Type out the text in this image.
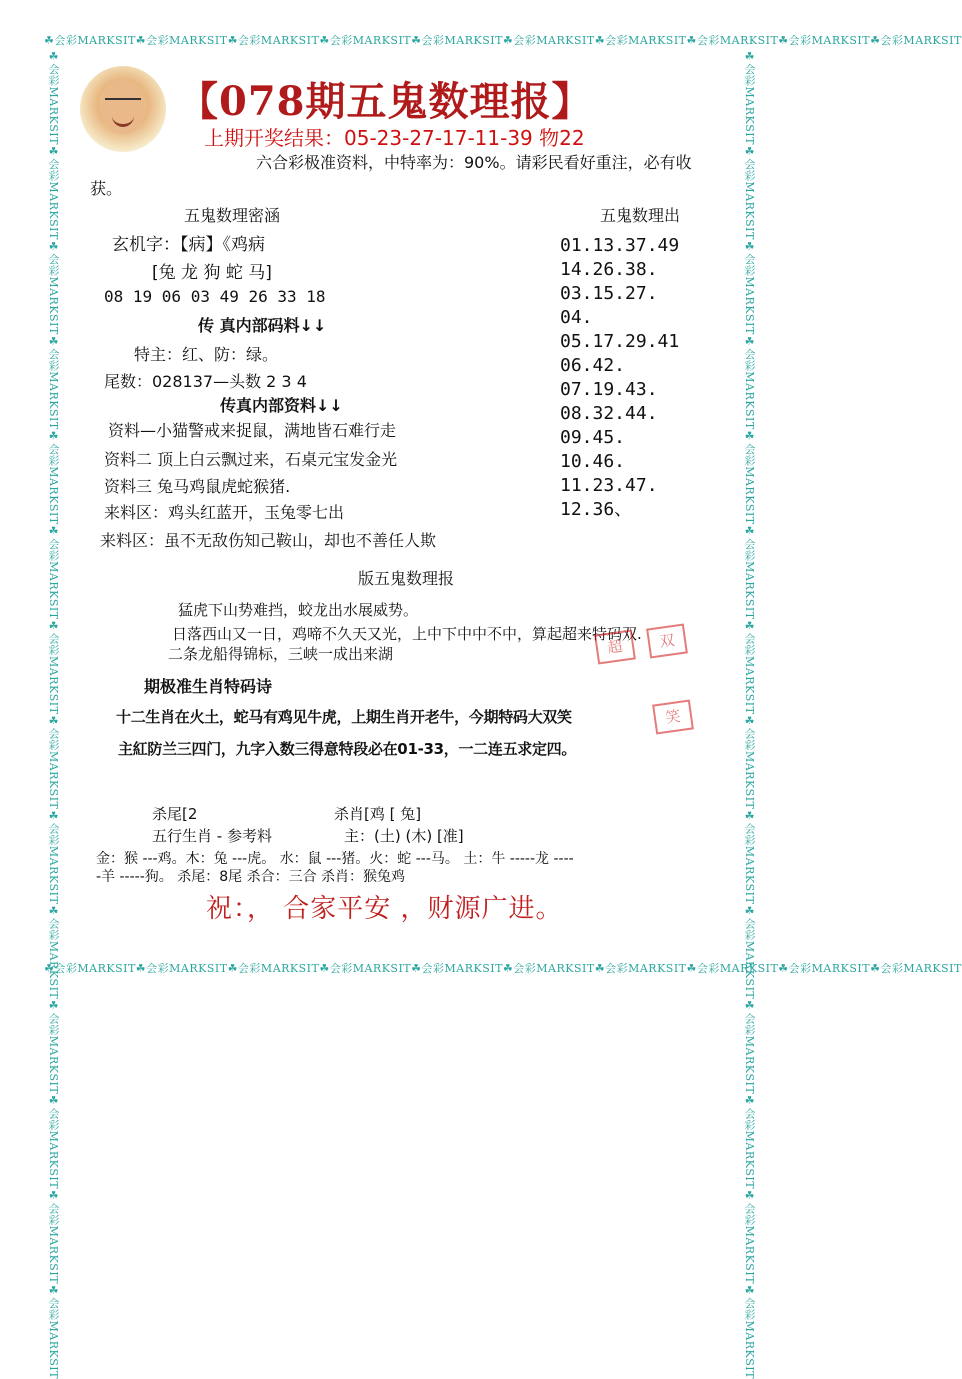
☘会彩MARKSIT☘会彩MARKSIT☘会彩MARKSIT☘会彩MARKSIT☘会彩MARKSIT☘会彩MARKSIT☘会彩MARKSIT☘会彩MARKSIT☘会彩MARKSIT☘会彩MARKSIT
☘会彩MARKSIT☘会彩MARKSIT☘会彩MARKSIT☘会彩MARKSIT☘会彩MARKSIT☘会彩MARKSIT☘会彩MARKSIT☘会彩MARKSIT☘会彩MARKSIT☘会彩MARKSIT
☘会彩MARKSIT☘会彩MARKSIT☘会彩MARKSIT☘会彩MARKSIT☘会彩MARKSIT☘会彩MARKSIT☘会彩MARKSIT☘会彩MARKSIT☘会彩MARKSIT☘会彩MARKSIT☘会彩MARKSIT☘会彩MARKSIT☘会彩MARKSIT☘会彩MARKSIT	☘会彩MARKSIT☘会彩MARKSIT☘会彩MARKSIT☘会彩MARKSIT☘会彩MARKSIT☘会彩MARKSIT☘会彩MARKSIT☘会彩MARKSIT☘会彩MARKSIT☘会彩MARKSIT☘会彩MARKSIT☘会彩MARKSIT☘会彩MARKSIT☘会彩MARKSIT
【078期五鬼数理报】
上期开奖结果：05-23-27-17-11-39 物22
六合彩极准资料，中特率为：90%。请彩民看好重注，必有收
获。
五鬼数理密涵	五鬼数理出
玄机字：【病】《鸡病
[兔 龙 狗 蛇 马]
08 19 06 03 49 26 33 18
传 真内部码料↓↓
特主：红、防：绿。
尾数：028137—头数 2 3 4
传真内部资料↓↓
资料—小猫警戒来捉鼠，满地皆石难行走
资料二 顶上白云飘过来，石桌元宝发金光
资料三 兔马鸡鼠虎蛇猴猪.
来料区：鸡头红蓝开，玉兔零七出
来料区：虽不无敌伤知己鞍山，却也不善任人欺
01.13.37.49
14.26.38.
03.15.27.
04.
05.17.29.41
06.42.
07.19.43.
08.32.44.
09.45.
10.46.
11.23.47.
12.36、
版五鬼数理报
猛虎下山势难挡，蛟龙出水展威势。
日落西山又一日，鸡啼不久天又光，上中下中中不中，算起超来特码双.
二条龙船得锦标，三峡一成出来湖	超	双
期极准生肖特码诗
十二生肖在火土，蛇马有鸡见牛虎，上期生肖开老牛，今期特码大双笑
主紅防兰三四门，九字入数三得意特段必在01-33，一二连五求定四。
笑
杀尾[2	杀肖[鸡 [ 兔]
五行生肖 - 参考料	主：(土) (木) [准]
金：猴 ---鸡。木：兔 ---虎。 水：鼠 ---猪。火：蛇 ---马。 土：牛 -----龙 ----
-羊 -----狗。 杀尾：8尾 杀合：三合 杀肖：猴兔鸡
祝：， 合家平安 ，财源广进。
